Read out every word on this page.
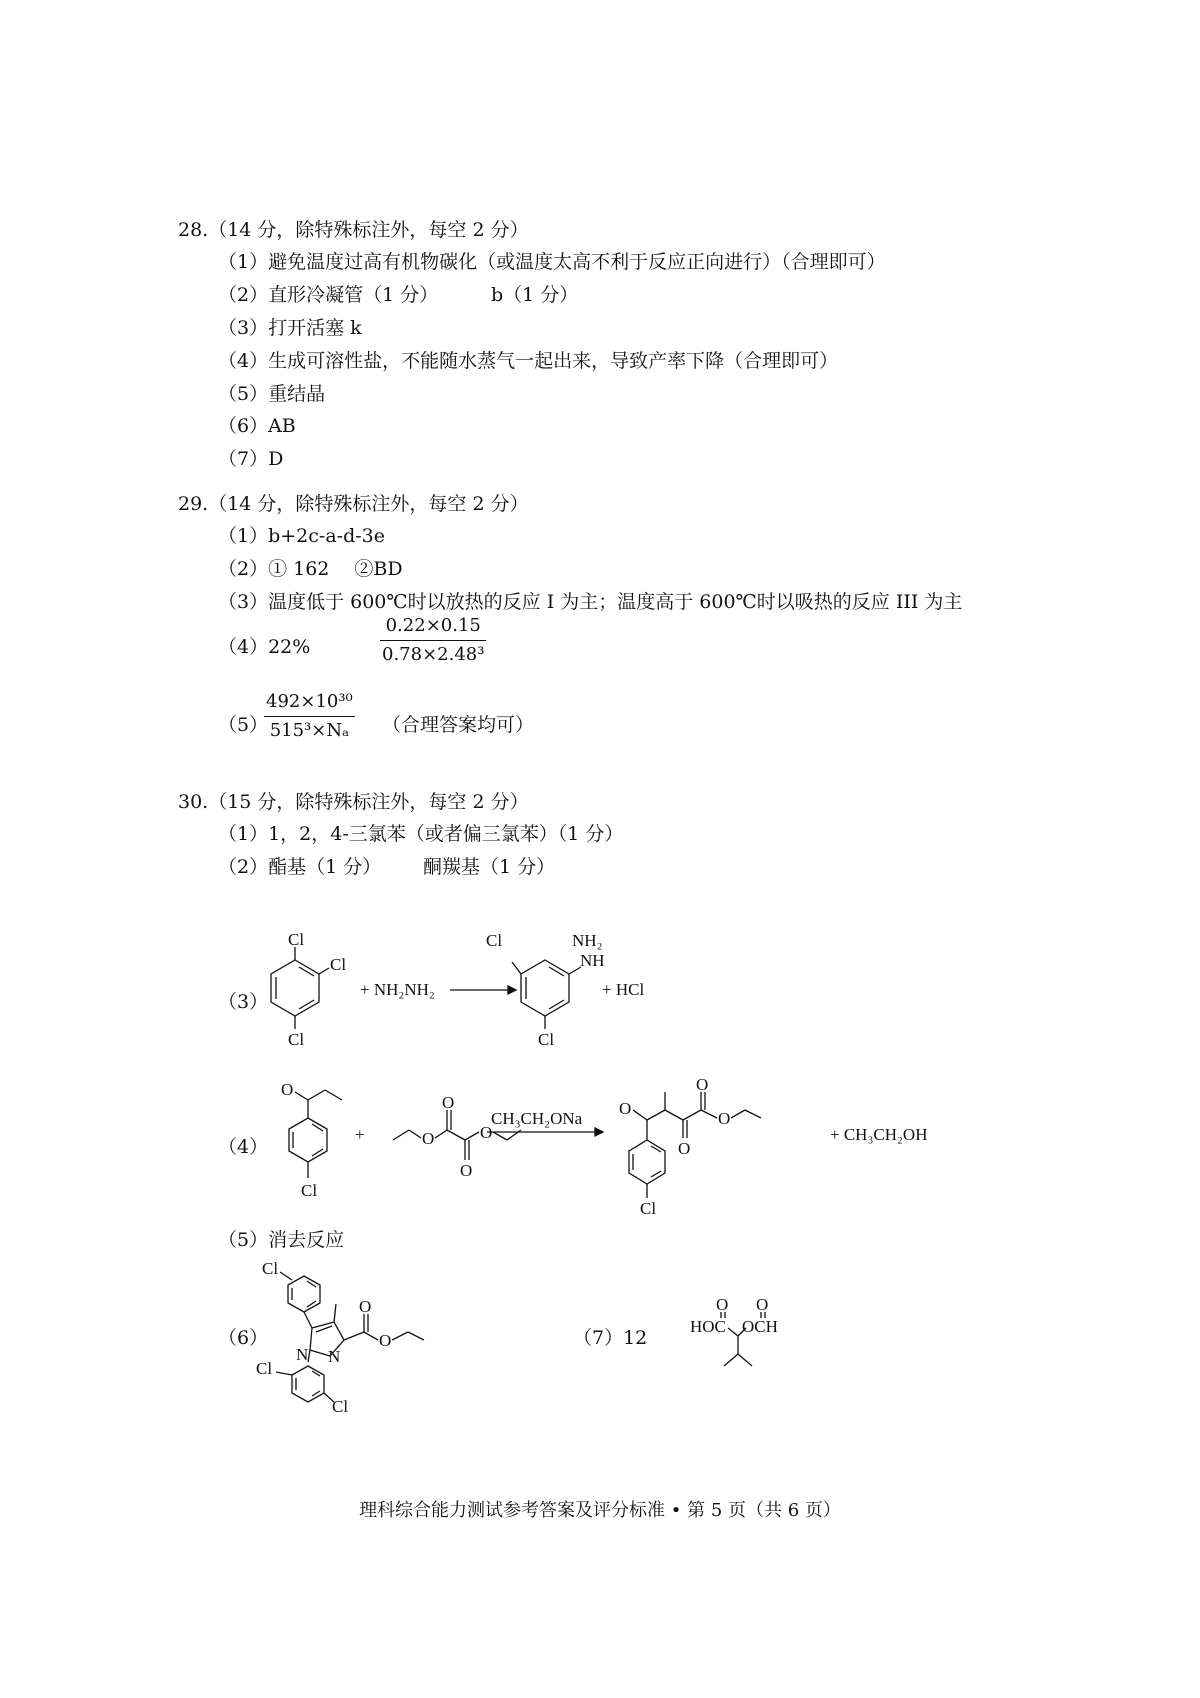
28.（14 分，除特殊标注外，每空 2 分）
（1）避免温度过高有机物碳化（或温度太高不利于反应正向进行）（合理即可）
（2）直形冷凝管（1 分）	b（1 分）
（3）打开活塞 k
（4）生成可溶性盐，不能随水蒸气一起出来，导致产率下降（合理即可）
（5）重结晶
（6）AB
（7）D
29.（14 分，除特殊标注外，每空 2 分）
（1）b+2c-a-d-3e
（2）① 162　 ②BD
（3）温度低于 600℃时以放热的反应 I 为主；温度高于 600℃时以吸热的反应 III 为主
（4）22%
0.22×0.15
0.78×2.48³
（5）
492×10³⁰
515³×Nₐ	（合理答案均可）
30.（15 分，除特殊标注外，每空 2 分）
（1）1，2，4-三氯苯（或者偏三氯苯）（1 分）
（2）酯基（1 分） 酮羰基（1 分）
（3）
Cl
Cl
Cl
+ NH₂NH₂
Cl	NH₂
NH
Cl
+ HCl
（4）
O
Cl
+	O
O
O
O
CH₃CH₂ONa
O
O
O
O
Cl
+ CH₃CH₂OH
（5）消去反应
（6）
Cl
O
O
N N
Cl
Cl
（7）12
HOC
O
OCH
O
理科综合能力测试参考答案及评分标准 • 第 5 页（共 6 页）
